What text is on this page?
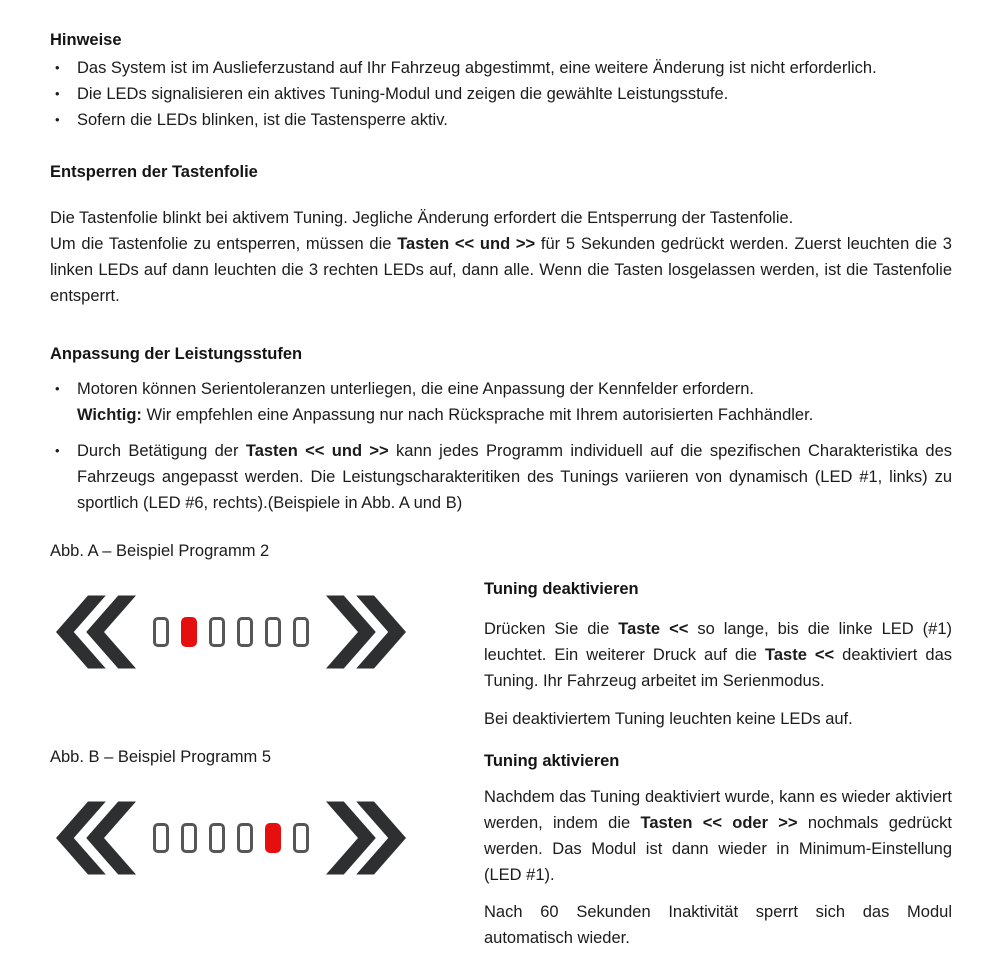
Hinweise

•	Das System ist im Auslieferzustand auf Ihr Fahrzeug abgestimmt, eine weitere Änderung ist nicht erforderlich.
•	Die LEDs signalisieren ein aktives Tuning-Modul und zeigen die gewählte Leistungsstufe.
•	Sofern die LEDs blinken, ist die Tastensperre aktiv.

Entsperren der Tastenfolie

Die Tastenfolie blinkt bei aktivem Tuning. Jegliche Änderung erfordert die Entsperrung der Tastenfolie.

Um die Tastenfolie zu entsperren, müssen die Tasten << und >> für 5 Sekunden gedrückt werden. Zuerst leuchten die 3 linken LEDs auf dann leuchten die 3 rechten LEDs auf, dann alle. Wenn die Tasten losgelassen werden, ist die Tastenfolie entsperrt.

Anpassung der Leistungsstufen

•	Motoren können Serientoleranzen unterliegen, die eine Anpassung der Kennfelder erfordern.

Wichtig: Wir empfehlen eine Anpassung nur nach Rücksprache mit Ihrem autorisierten Fachhändler.

•	Durch Betätigung der Tasten << und >> kann jedes Programm individuell auf die spezifischen Charakteristika des Fahrzeugs angepasst werden. Die Leistungscharakteritiken des Tunings variieren von dynamisch (LED #1, links) zu sportlich (LED #6, rechts).(Beispiele in Abb. A und B)

Abb. A – Beispiel Programm 2

Abb. B – Beispiel Programm 5

Tuning deaktivieren

Drücken Sie die Taste << so lange, bis die linke LED (#1) leuchtet. Ein weiterer Druck auf die Taste << deaktiviert das Tuning. Ihr Fahrzeug arbeitet im Serienmodus.

Bei deaktiviertem Tuning leuchten keine LEDs auf.

Tuning aktivieren

Nachdem das Tuning deaktiviert wurde, kann es wieder aktiviert werden, indem die Tasten << oder >> nochmals gedrückt werden. Das Modul ist dann wieder in Minimum-Einstellung (LED #1).

Nach 60 Sekunden Inaktivität sperrt sich das Modul automatisch wieder.
